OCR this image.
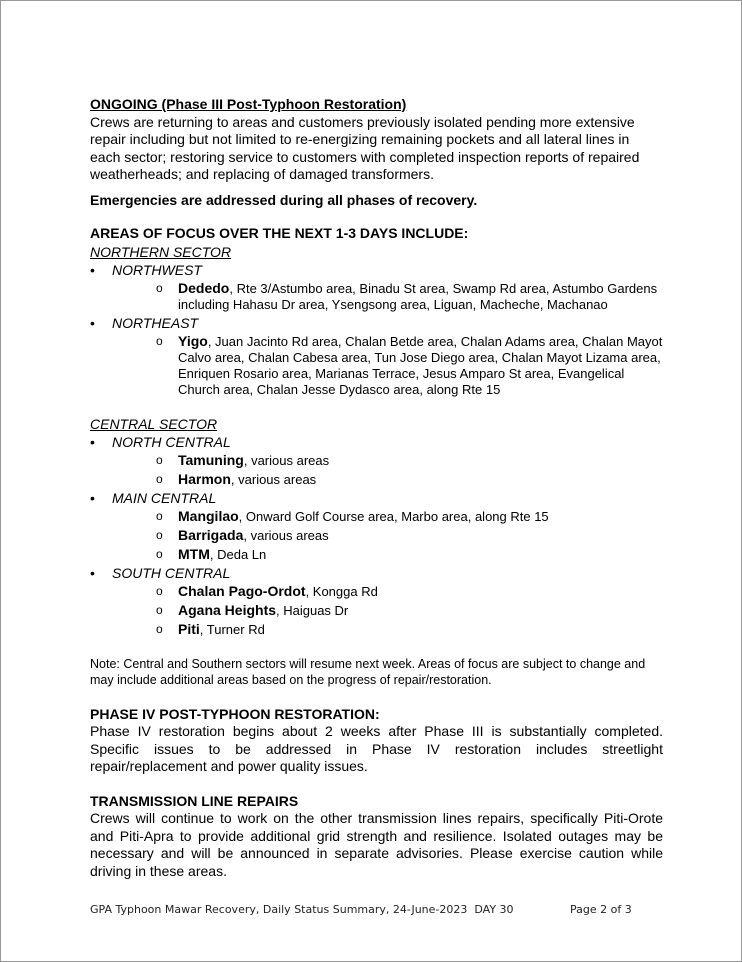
ONGOING (Phase III Post-Typhoon Restoration)

Crews are returning to areas and customers previously isolated pending more extensive repair including but not limited to re-energizing remaining pockets and all lateral lines in each sector; restoring service to customers with completed inspection reports of repaired weatherheads; and replacing of damaged transformers.

Emergencies are addressed during all phases of recovery.

AREAS OF FOCUS OVER THE NEXT 1-3 DAYS INCLUDE:

NORTHERN SECTOR

• NORTHWEST
o Dededo, Rte 3/Astumbo area, Binadu St area, Swamp Rd area, Astumbo Gardens including Hahasu Dr area, Ysengsong area, Liguan, Macheche, Machanao
• NORTHEAST
o Yigo, Juan Jacinto Rd area, Chalan Betde area, Chalan Adams area, Chalan Mayot Calvo area, Chalan Cabesa area, Tun Jose Diego area, Chalan Mayot Lizama area, Enriquen Rosario area, Marianas Terrace, Jesus Amparo St area, Evangelical Church area, Chalan Jesse Dydasco area, along Rte 15

CENTRAL SECTOR

• NORTH CENTRAL
o Tamuning, various areas
o Harmon, various areas
• MAIN CENTRAL
o Mangilao, Onward Golf Course area, Marbo area, along Rte 15
o Barrigada, various areas
o MTM, Deda Ln
• SOUTH CENTRAL
o Chalan Pago-Ordot, Kongga Rd
o Agana Heights, Haiguas Dr
o Piti, Turner Rd

Note: Central and Southern sectors will resume next week. Areas of focus are subject to change and may include additional areas based on the progress of repair/restoration.

PHASE IV POST-TYPHOON RESTORATION:

Phase IV restoration begins about 2 weeks after Phase III is substantially completed. Specific issues to be addressed in Phase IV restoration includes streetlight repair/replacement and power quality issues.

TRANSMISSION LINE REPAIRS

Crews will continue to work on the other transmission lines repairs, specifically Piti-Orote and Piti-Apra to provide additional grid strength and resilience. Isolated outages may be necessary and will be announced in separate advisories. Please exercise caution while driving in these areas.

GPA Typhoon Mawar Recovery, Daily Status Summary, 24-June-2023  DAY 30	Page 2 of 3
